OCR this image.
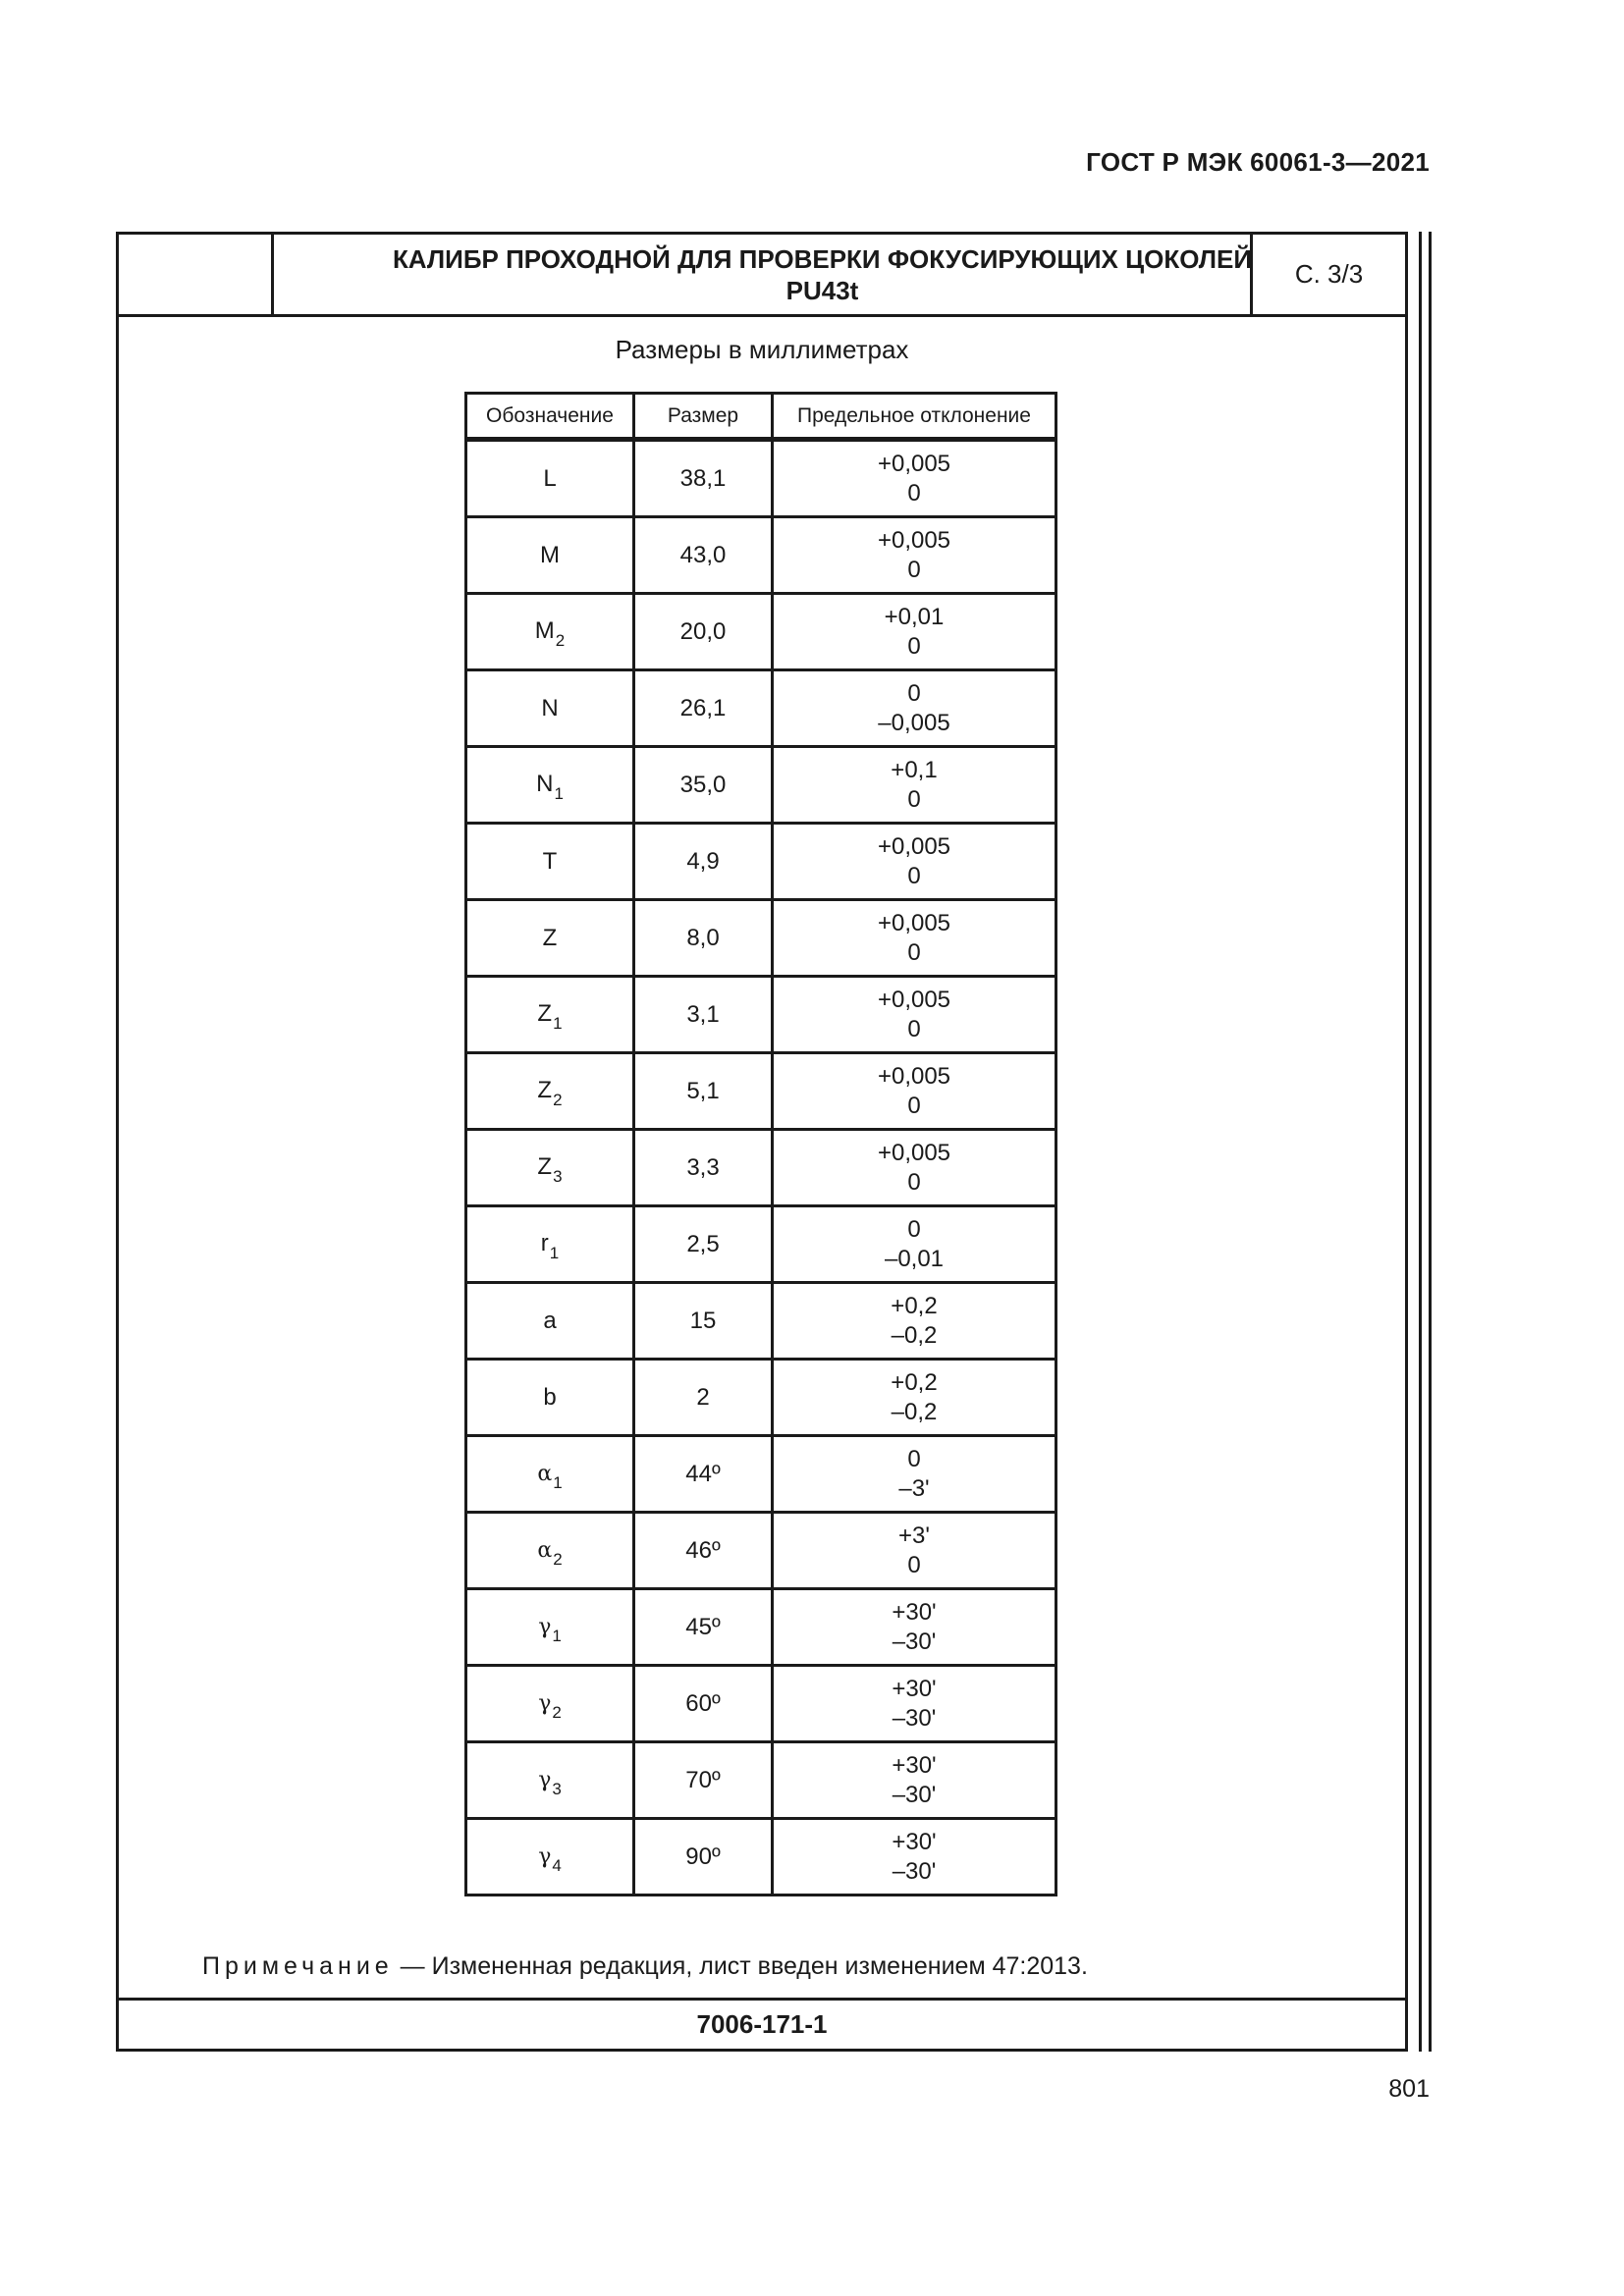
ГОСТ Р МЭК 60061-3—2021
КАЛИБР ПРОХОДНОЙ ДЛЯ ПРОВЕРКИ ФОКУСИРУЮЩИХ ЦОКОЛЕЙ
PU43t
С. 3/3
Размеры в миллиметрах
Обозначение	Размер	Предельное отклонение
L	38,1	+0,005
0

M	43,0	+0,005
0

$M_2$	20,0	+0,01
0

N	26,1	0
–0,005

$N_1$	35,0	+0,1
0

T	4,9	+0,005
0

Z	8,0	+0,005
0

$Z_1$	3,1	+0,005
0

$Z_2$	5,1	+0,005
0

$Z_3$	3,3	+0,005
0

$r_1$	2,5	0
–0,01

a	15	+0,2
–0,2

b	2	+0,2
–0,2

$\alpha_1$	44º	0
–3'

$\alpha_2$	46º	+3'
0

$\gamma_1$	45º	+30'
–30'

$\gamma_2$	60º	+30'
–30'

$\gamma_3$	70º	+30'
–30'

$\gamma_4$	90º	+30'
–30'
Примечание — Измененная редакция, лист введен изменением 47:2013.
7006-171-1
801
